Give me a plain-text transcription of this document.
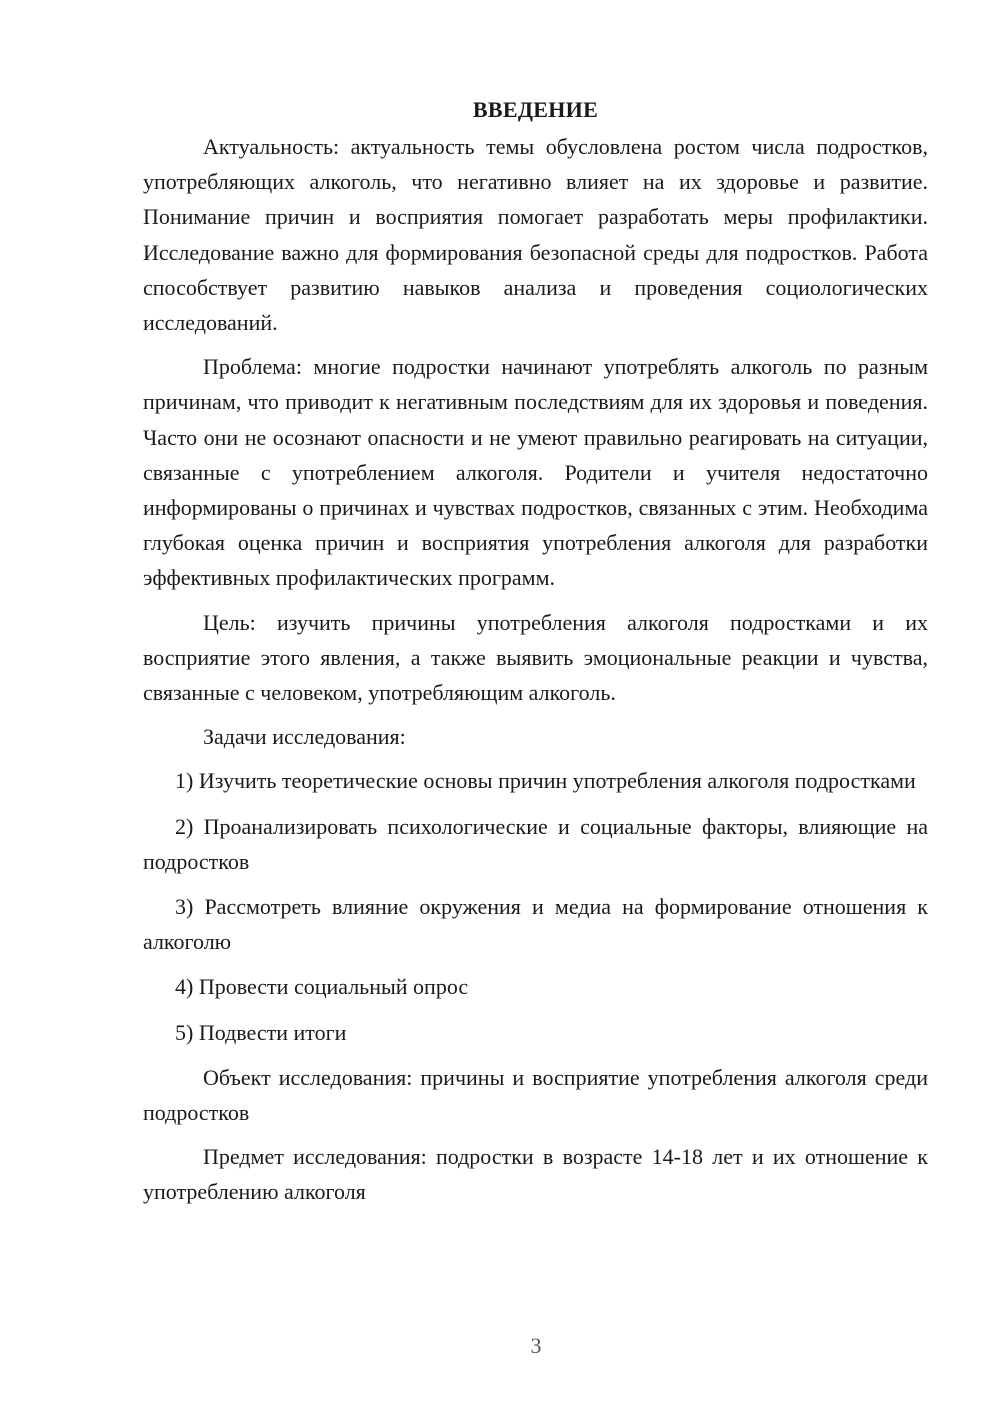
ВВЕДЕНИЕ

Актуальность: актуальность темы обусловлена ростом числа подростков, употребляющих алкоголь, что негативно влияет на их здоровье и развитие. Понимание причин и восприятия помогает разработать меры профилактики. Исследование важно для формирования безопасной среды для подростков. Работа способствует развитию навыков анализа и проведения социологических исследований.

Проблема: многие подростки начинают употреблять алкоголь по разным причинам, что приводит к негативным последствиям для их здоровья и поведения. Часто они не осознают опасности и не умеют правильно реагировать на ситуации, связанные с употреблением алкоголя. Родители и учителя недостаточно информированы о причинах и чувствах подростков, связанных с этим. Необходима глубокая оценка причин и восприятия употребления алкоголя для разработки эффективных профилактических программ.

Цель: изучить причины употребления алкоголя подростками и их восприятие этого явления, а также выявить эмоциональные реакции и чувства, связанные с человеком, употребляющим алкоголь.

Задачи исследования:

1) Изучить теоретические основы причин употребления алкоголя подростками

2) Проанализировать психологические и социальные факторы, влияющие на подростков

3) Рассмотреть влияние окружения и медиа на формирование отношения к алкоголю

4) Провести социальный опрос

5) Подвести итоги

Объект исследования: причины и восприятие употребления алкоголя среди подростков

Предмет исследования: подростки в возрасте 14-18 лет и их отношение к употреблению алкоголя

3
